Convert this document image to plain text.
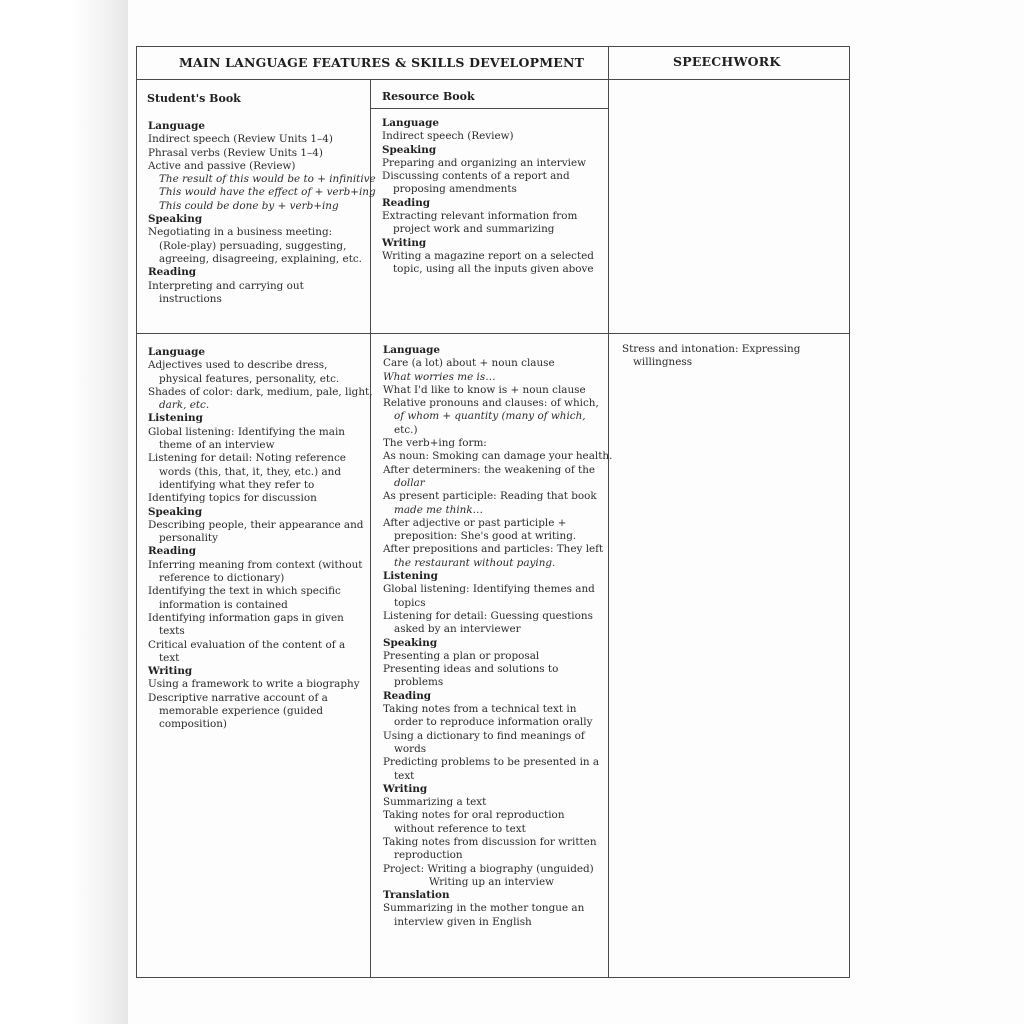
MAIN LANGUAGE FEATURES & SKILLS DEVELOPMENT	SPEECHWORK
Student's Book	Resource Book
Language
Indirect speech (Review Units 1–4)
Phrasal verbs (Review Units 1–4)
Active and passive (Review)
The result of this would be to + infinitive
This would have the effect of + verb+ing
This could be done by + verb+ing
Speaking
Negotiating in a business meeting:
(Role-play) persuading, suggesting,
agreeing, disagreeing, explaining, etc.
Reading
Interpreting and carrying out
instructions
Language
Indirect speech (Review)
Speaking
Preparing and organizing an interview
Discussing contents of a report and
proposing amendments
Reading
Extracting relevant information from
project work and summarizing
Writing
Writing a magazine report on a selected
topic, using all the inputs given above
Language
Adjectives used to describe dress,
physical features, personality, etc.
Shades of color: dark, medium, pale, light,
dark, etc.
Listening
Global listening: Identifying the main
theme of an interview
Listening for detail: Noting reference
words (this, that, it, they, etc.) and
identifying what they refer to
Identifying topics for discussion
Speaking
Describing people, their appearance and
personality
Reading
Inferring meaning from context (without
reference to dictionary)
Identifying the text in which specific
information is contained
Identifying information gaps in given
texts
Critical evaluation of the content of a
text
Writing
Using a framework to write a biography
Descriptive narrative account of a
memorable experience (guided
composition)
Language
Care (a lot) about + noun clause
What worries me is…
What I'd like to know is + noun clause
Relative pronouns and clauses: of which,
of whom + quantity (many of which,
etc.)
The verb+ing form:
As noun: Smoking can damage your health.
After determiners: the weakening of the
dollar
As present participle: Reading that book
made me think…
After adjective or past participle +
preposition: She's good at writing.
After prepositions and particles: They left
the restaurant without paying.
Listening
Global listening: Identifying themes and
topics
Listening for detail: Guessing questions
asked by an interviewer
Speaking
Presenting a plan or proposal
Presenting ideas and solutions to
problems
Reading
Taking notes from a technical text in
order to reproduce information orally
Using a dictionary to find meanings of
words
Predicting problems to be presented in a
text
Writing
Summarizing a text
Taking notes for oral reproduction
without reference to text
Taking notes from discussion for written
reproduction
Project: Writing a biography (unguided)
Writing up an interview
Translation
Summarizing in the mother tongue an
interview given in English
Stress and intonation: Expressing
willingness
